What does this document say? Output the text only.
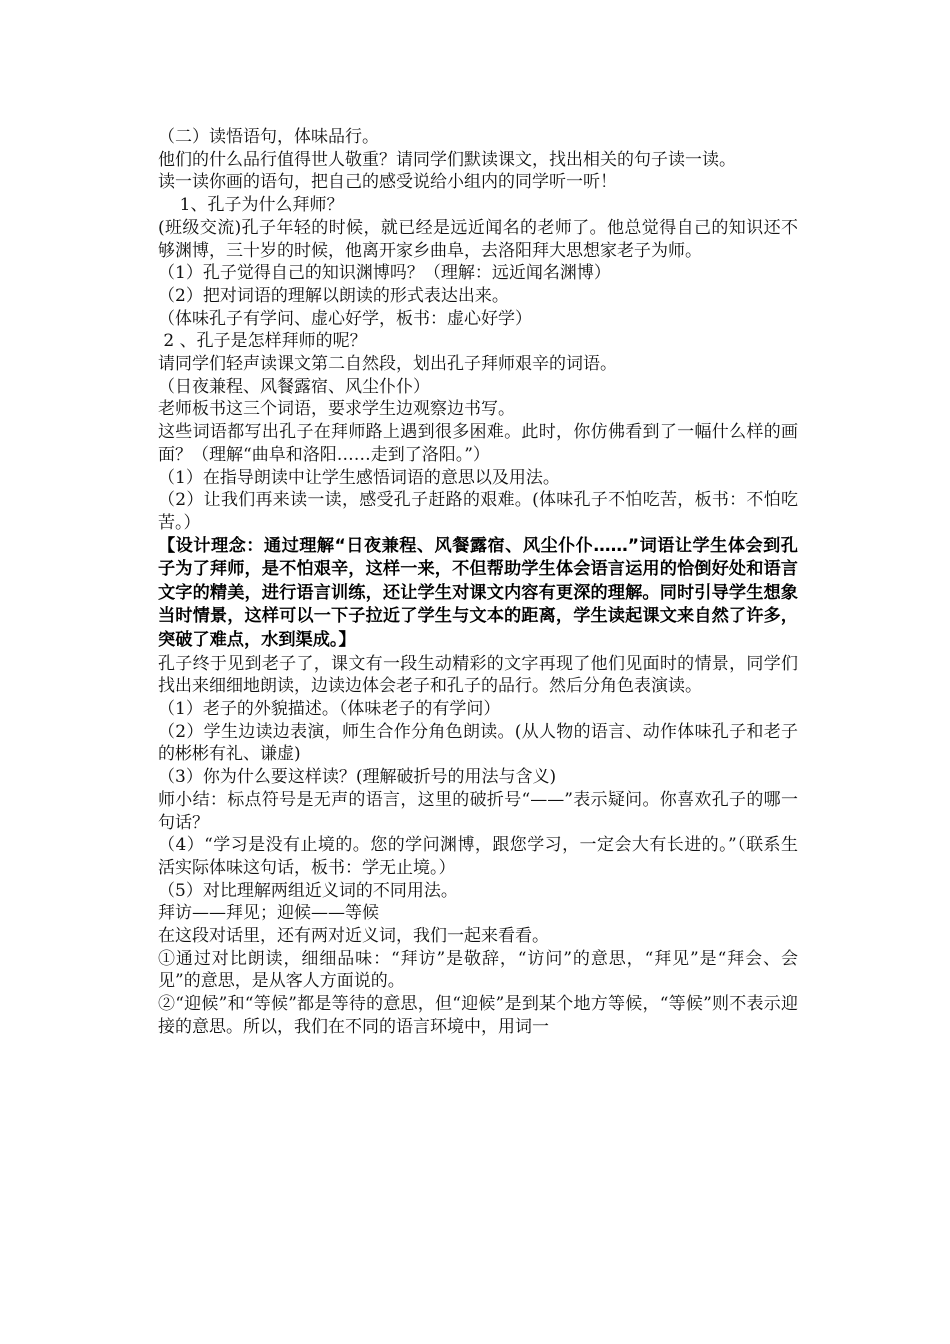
（二）读悟语句，体味品行。

他们的什么品行值得世人敬重？请同学们默读课文，找出相关的句子读一读。

读一读你画的语句，把自己的感受说给小组内的同学听一听！

1、孔子为什么拜师？

(班级交流)孔子年轻的时候，就已经是远近闻名的老师了。他总觉得自己的知识还不够渊博，三十岁的时候，他离开家乡曲阜，去洛阳拜大思想家老子为师。

（1）孔子觉得自己的知识渊博吗？（理解：远近闻名渊博）

（2）把对词语的理解以朗读的形式表达出来。

（体味孔子有学问、虚心好学，板书：虚心好学）

2 、孔子是怎样拜师的呢？

请同学们轻声读课文第二自然段，划出孔子拜师艰辛的词语。

（日夜兼程、风餐露宿、风尘仆仆）

老师板书这三个词语，要求学生边观察边书写。

这些词语都写出孔子在拜师路上遇到很多困难。此时，你仿佛看到了一幅什么样的画面？（理解“曲阜和洛阳……走到了洛阳。”）

（1）在指导朗读中让学生感悟词语的意思以及用法。

（2）让我们再来读一读，感受孔子赶路的艰难。(体味孔子不怕吃苦，板书：不怕吃苦。）

【设计理念：通过理解“日夜兼程、风餐露宿、风尘仆仆……”词语让学生体会到孔子为了拜师，是不怕艰辛，这样一来，不但帮助学生体会语言运用的恰倒好处和语言文字的精美，进行语言训练，还让学生对课文内容有更深的理解。同时引导学生想象当时情景，这样可以一下子拉近了学生与文本的距离，学生读起课文来自然了许多，突破了难点，水到渠成。】

孔子终于见到老子了，课文有一段生动精彩的文字再现了他们见面时的情景，同学们找出来细细地朗读，边读边体会老子和孔子的品行。然后分角色表演读。

（1）老子的外貌描述。（体味老子的有学问）

（2）学生边读边表演，师生合作分角色朗读。(从人物的语言、动作体味孔子和老子的彬彬有礼、谦虚)

（3）你为什么要这样读？(理解破折号的用法与含义)

师小结：标点符号是无声的语言，这里的破折号“——”表示疑问。你喜欢孔子的哪一句话？

（4）“学习是没有止境的。您的学问渊博，跟您学习，一定会大有长进的。”（联系生活实际体味这句话，板书：学无止境。）

（5）对比理解两组近义词的不同用法。

拜访——拜见；迎候——等候

在这段对话里，还有两对近义词，我们一起来看看。

①通过对比朗读，细细品味：“拜访”是敬辞，“访问”的意思，“拜见”是“拜会、会见”的意思，是从客人方面说的。

②“迎候”和“等候”都是等待的意思，但“迎候”是到某个地方等候，“等候”则不表示迎接的意思。所以，我们在不同的语言环境中，用词一
